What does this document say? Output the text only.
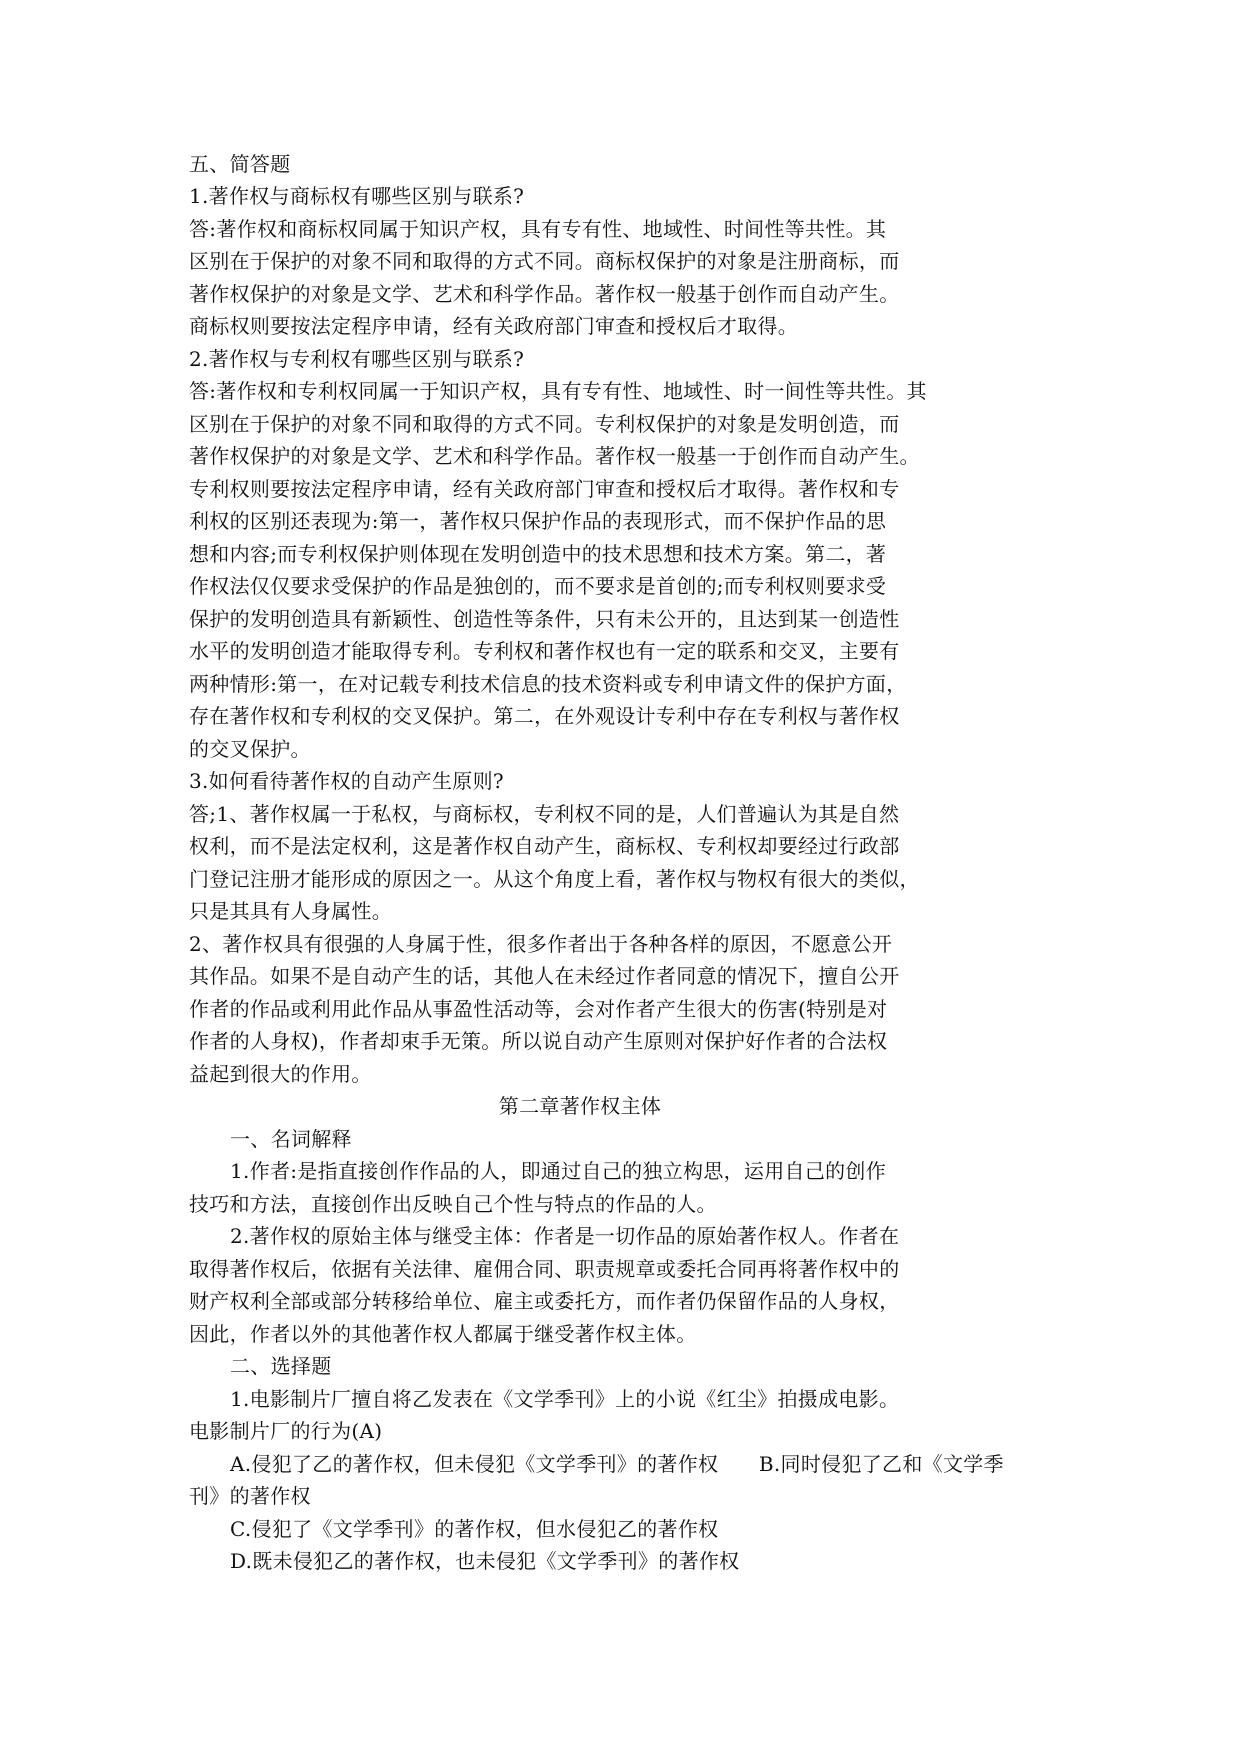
五、简答题
1.著作权与商标权有哪些区别与联系?
答:著作权和商标权同属于知识产权，具有专有性、地域性、时间性等共性。其
区别在于保护的对象不同和取得的方式不同。商标权保护的对象是注册商标，而
著作权保护的对象是文学、艺术和科学作品。著作权一般基于创作而自动产生。
商标权则要按法定程序申请，经有关政府部门审查和授权后才取得。
2.著作权与专利权有哪些区别与联系?
答:著作权和专利权同属一于知识产权，具有专有性、地域性、时一间性等共性。其
区别在于保护的对象不同和取得的方式不同。专利权保护的对象是发明创造，而
著作权保护的对象是文学、艺术和科学作品。著作权一般基一于创作而自动产生。
专利权则要按法定程序申请，经有关政府部门审查和授权后才取得。著作权和专
利权的区别还表现为:第一，著作权只保护作品的表现形式，而不保护作品的思
想和内容;而专利权保护则体现在发明创造中的技术思想和技术方案。第二，著
作权法仅仅要求受保护的作品是独创的，而不要求是首创的;而专利权则要求受
保护的发明创造具有新颖性、创造性等条件，只有未公开的，且达到某一创造性
水平的发明创造才能取得专利。专利权和著作权也有一定的联系和交叉，主要有
两种情形:第一，在对记载专利技术信息的技术资料或专利申请文件的保护方面，
存在著作权和专利权的交叉保护。第二，在外观设计专利中存在专利权与著作权
的交叉保护。
3.如何看待著作权的自动产生原则?
答;1、著作权属一于私权，与商标权，专利权不同的是，人们普遍认为其是自然
权利，而不是法定权利，这是著作权自动产生，商标权、专利权却要经过行政部
门登记注册才能形成的原因之一。从这个角度上看，著作权与物权有很大的类似，
只是其具有人身属性。
2、著作权具有很强的人身属于性，很多作者出于各种各样的原因，不愿意公开
其作品。如果不是自动产生的话，其他人在未经过作者同意的情况下，擅自公开
作者的作品或利用此作品从事盈性活动等，会对作者产生很大的伤害(特别是对
作者的人身权)，作者却束手无策。所以说自动产生原则对保护好作者的合法权
益起到很大的作用。
第二章著作权主体
一、名词解释
1.作者:是指直接创作作品的人，即通过自己的独立构思，运用自己的创作
技巧和方法，直接创作出反映自己个性与特点的作品的人。
2.著作权的原始主体与继受主体：作者是一切作品的原始著作权人。作者在
取得著作权后，依据有关法律、雇佣合同、职责规章或委托合同再将著作权中的
财产权利全部或部分转移给单位、雇主或委托方，而作者仍保留作品的人身权，
因此，作者以外的其他著作权人都属于继受著作权主体。
二、选择题
1.电影制片厂擅自将乙发表在《文学季刊》上的小说《红尘》拍摄成电影。
电影制片厂的行为(A)
A.侵犯了乙的著作权，但未侵犯《文学季刊》的著作权　　B.同时侵犯了乙和《文学季
刊》的著作权
C.侵犯了《文学季刊》的著作权，但水侵犯乙的著作权
D.既未侵犯乙的著作权，也未侵犯《文学季刊》的著作权
